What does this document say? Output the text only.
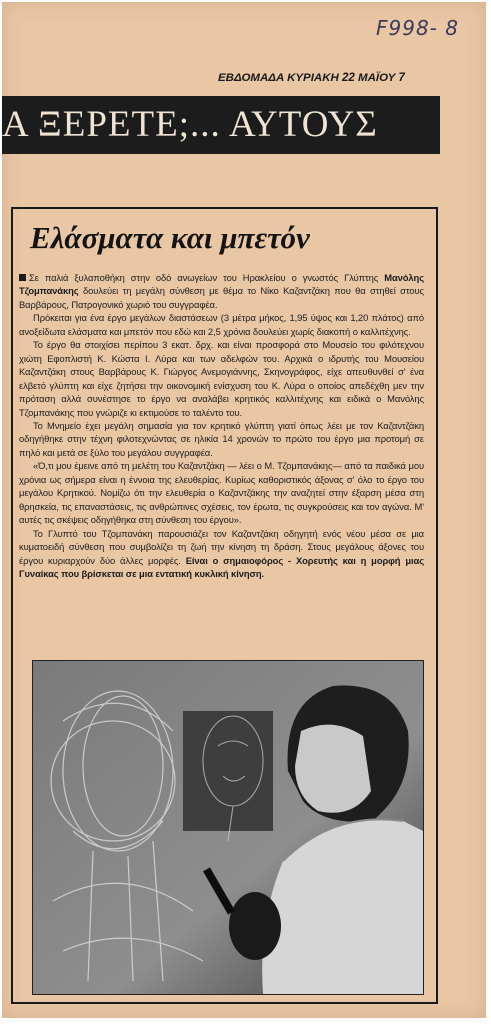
F998- 8
ΕΒΔΟΜΑΔΑ ΚΥΡΙΑΚΗ 22 ΜΑΪΟΥ 7
Α ΞΕΡΕΤΕ;... ΑΥΤΟΥΣ
Ελάσματα και μπετόν

Σε παλιά ξυλαποθήκη στην οδό ανωγείων του Ηρακλείου ο γνωστός Γλύπτης Μανόλης Τζομπανάκης δουλεύει τη μεγάλη σύνθεση με θέμα το Νίκο Καζαντζάκη που θα στηθεί στους Βαρβάρους, Πατρογονικό χωριό του συγγραφέα.

Πρόκειται για ένα έργο μεγάλων διαστάσεων (3 μέτρα μήκος, 1,95 ύψος και 1,20 πλάτος) από ανοξείδωτα ελάσματα και μπετόν που εδώ και 2,5 χρόνια δουλεύει χωρίς διακοπή ο καλλιτέχνης.

Το έργο θα στοιχίσει περίπου 3 εκατ. δρχ. και είναι προσφορά στο Μουσείο του φιλότεχνου χιώτη Εφοπλιστή Κ. Κώστα Ι. Λύρα και των αδελφών του. Αρχικά ο ιδρυτής του Μουσείου Καζαντζάκη στους Βαρβάρους Κ. Γιώργος Ανεμογιάννης, Σκηνογράφος, είχε απευθυνθεί σ' ένα ελβετό γλύπτη και είχε ζητήσει την οικονομική ενίσχυση του Κ. Λύρα ο οποίος απεδέχθη μεν την πρόταση αλλά συνέστησε το έργο να αναλάβει κρητικός καλλιτέχνης και ειδικά ο Μανόλης Τζομπανάκης που γνώριζε κι εκτιμούσε το ταλέντο του.

Το Μνημείο έχει μεγάλη σημασία για τον κρητικό γλύπτη γιατί όπως λέει με τον Καζαντζάκη οδηγήθηκε στην τέχνη φιλοτεχνώντας σε ηλικία 14 χρονών το πρώτο του έργο μια προτομή σε πηλό και μετά σε ξύλο του μεγάλου συγγραφέα.

«Ό,τι μου έμεινε από τη μελέτη του Καζαντζάκη — λέει ο Μ. Τζομπανάκης— από τα παιδικά μου χρόνια ως σήμερα είναι η έννοια της ελευθερίας. Κυρίως καθοριστικός άξονας σ' όλο το έργο του μεγάλου Κρητικού. Νομίζω ότι την ελευθερία ο Καζαντζάκης την αναζητεί στην έξαρση μέσα στη θρησκεία, τις επαναστάσεις, τις ανθρώπινες σχέσεις, τον έρωτα, τις συγκρούσεις και τον αγώνα. Μ' αυτές τις σκέψεις οδηγήθηκα στη σύνθεση του έργου».

Το Γλυπτό του Τζομπανάκη παρουσιάζει τον Καζαντζάκη οδηγητή ενός νέου μέσα σε μια κυματοειδή σύνθεση που συμβολίζει τη ζωή την κίνηση τη δράση. Στους μεγάλους άξονες του έργου κυριαρχούν δύο άλλες μορφές. Είναι ο σημαιοφόρος - Χορευτής και η μορφή μιας Γυναίκας που βρίσκεται σε μια εντατική κυκλική κίνηση.
